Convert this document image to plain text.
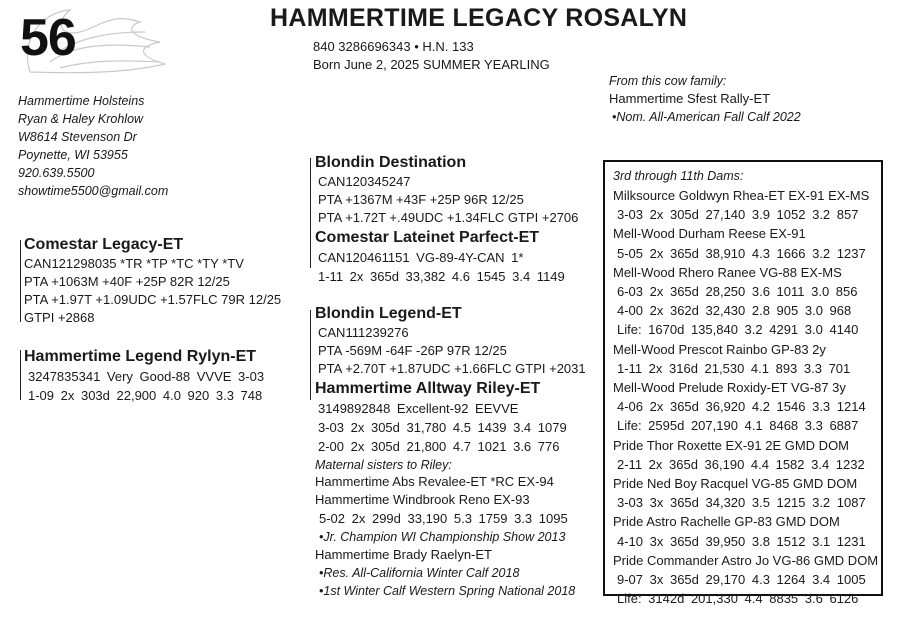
56	HAMMERTIME LEGACY ROSALYN
840 3286696343 • H.N. 133
Born June 2, 2025 SUMMER YEARLING
Hammertime Holsteins
Ryan & Haley Krohlow
W8614 Stevenson Dr
Poynette, WI 53955
920.639.5500
showtime5500@gmail.com
Comestar Legacy-ET
CAN121298035 *TR *TP *TC *TY *TV
PTA +1063M +40F +25P 82R 12/25
PTA +1.97T +1.09UDC +1.57FLC 79R 12/25
GTPI +2868
Hammertime Legend Rylyn-ET
3247835341 Very Good-88 VVVE 3-03
1-09 2x 303d 22,900 4.0 920 3.3 748
Blondin Destination
CAN120345247
PTA +1367M +43F +25P 96R 12/25
PTA +1.72T +.49UDC +1.34FLC GTPI +2706
Comestar Lateinet Parfect-ET
CAN120461151 VG-89-4Y-CAN 1*
1-11 2x 365d 33,382 4.6 1545 3.4 1149
Blondin Legend-ET
CAN111239276
PTA -569M -64F -26P 97R 12/25
PTA +2.70T +1.87UDC +1.66FLC GTPI +2031
Hammertime Alltway Riley-ET
3149892848 Excellent-92 EEVVE
3-03 2x 305d 31,780 4.5 1439 3.4 1079
2-00 2x 305d 21,800 4.7 1021 3.6 776
Maternal sisters to Riley:
Hammertime Abs Revalee-ET *RC EX-94
Hammertime Windbrook Reno EX-93
5-02 2x 299d 33,190 5.3 1759 3.3 1095
•Jr. Champion WI Championship Show 2013
Hammertime Brady Raelyn-ET
•Res. All-California Winter Calf 2018
•1st Winter Calf Western Spring National 2018
From this cow family:
Hammertime Sfest Rally-ET
•Nom. All-American Fall Calf 2022
3rd through 11th Dams:
Milksource Goldwyn Rhea-ET EX-91 EX-MS
3-03 2x 305d 27,140 3.9 1052 3.2 857
Mell-Wood Durham Reese EX-91
5-05 2x 365d 38,910 4.3 1666 3.2 1237
Mell-Wood Rhero Ranee VG-88 EX-MS
6-03 2x 365d 28,250 3.6 1011 3.0 856
4-00 2x 362d 32,430 2.8 905 3.0 968
Life: 1670d 135,840 3.2 4291 3.0 4140
Mell-Wood Prescot Rainbo GP-83 2y
1-11 2x 316d 21,530 4.1 893 3.3 701
Mell-Wood Prelude Roxidy-ET VG-87 3y
4-06 2x 365d 36,920 4.2 1546 3.3 1214
Life: 2595d 207,190 4.1 8468 3.3 6887
Pride Thor Roxette EX-91 2E GMD DOM
2-11 2x 365d 36,190 4.4 1582 3.4 1232
Pride Ned Boy Racquel VG-85 GMD DOM
3-03 3x 365d 34,320 3.5 1215 3.2 1087
Pride Astro Rachelle GP-83 GMD DOM
4-10 3x 365d 39,950 3.8 1512 3.1 1231
Pride Commander Astro Jo VG-86 GMD DOM
9-07 3x 365d 29,170 4.3 1264 3.4 1005
Life: 3142d 201,330 4.4 8835 3.6 6126
